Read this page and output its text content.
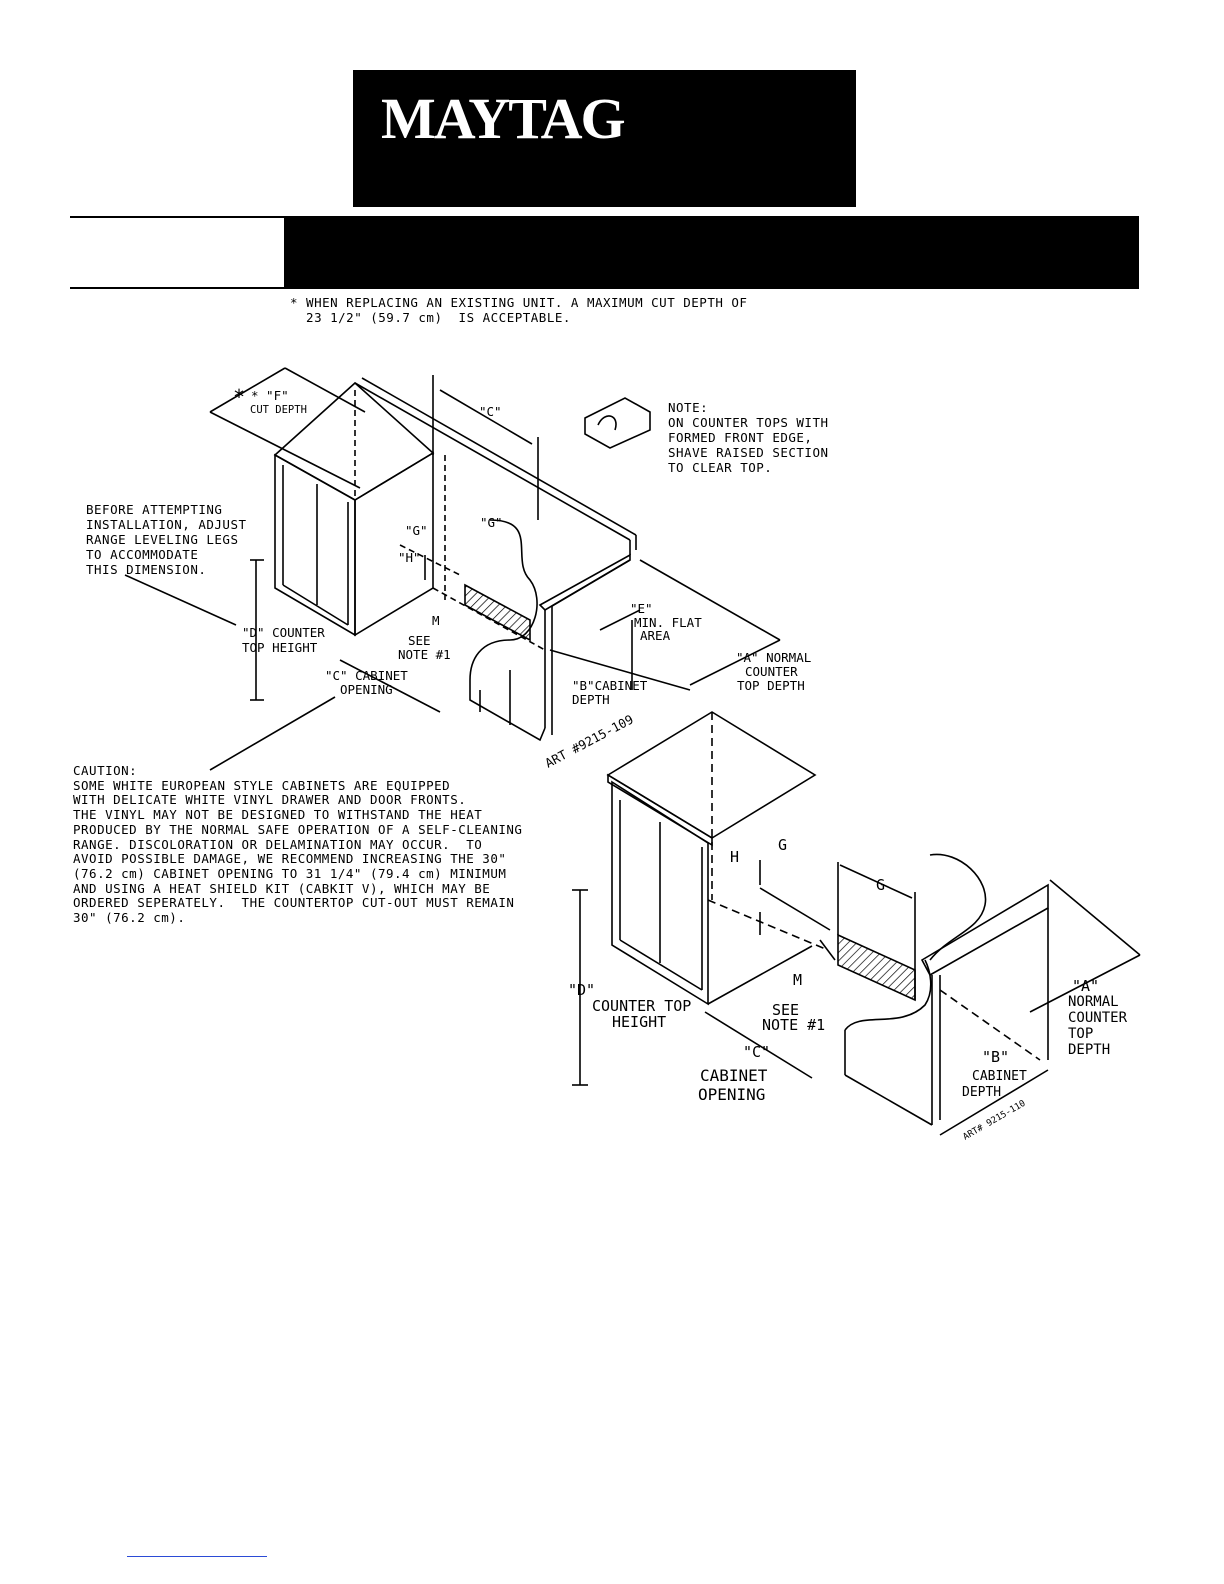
MAYTAG
* WHEN REPLACING AN EXISTING UNIT. A MAXIMUM CUT DEPTH OF
23 1/2" (59.7 cm)  IS ACCEPTABLE.
* * "F"
CUT DEPTH	"C"
"G"
"G"
"H"
M
"D" COUNTER
TOP HEIGHT	SEE
NOTE #1
"C" CABINET
OPENING
"E"
MIN. FLAT
AREA
"A" NORMAL
COUNTER
TOP DEPTH
"B"CABINET
DEPTH
ART #9215-109
H
G
G
M
"D"
COUNTER TOP
HEIGHT
SEE
NOTE #1
"C"
CABINET
OPENING
"A"
NORMAL
COUNTER
TOP
DEPTH
"B"
CABINET
DEPTH
ART# 9215-110
NOTE:
ON COUNTER TOPS WITH
FORMED FRONT EDGE,
SHAVE RAISED SECTION
TO CLEAR TOP.
BEFORE ATTEMPTING
INSTALLATION, ADJUST
RANGE LEVELING LEGS
TO ACCOMMODATE
THIS DIMENSION.
CAUTION:
SOME WHITE EUROPEAN STYLE CABINETS ARE EQUIPPED
WITH DELICATE WHITE VINYL DRAWER AND DOOR FRONTS.
THE VINYL MAY NOT BE DESIGNED TO WITHSTAND THE HEAT
PRODUCED BY THE NORMAL SAFE OPERATION OF A SELF-CLEANING
RANGE. DISCOLORATION OR DELAMINATION MAY OCCUR.  TO
AVOID POSSIBLE DAMAGE, WE RECOMMEND INCREASING THE 30"
(76.2 cm) CABINET OPENING TO 31 1/4" (79.4 cm) MINIMUM
AND USING A HEAT SHIELD KIT (CABKIT V), WHICH MAY BE
ORDERED SEPERATELY.  THE COUNTERTOP CUT-OUT MUST REMAIN
30" (76.2 cm).
